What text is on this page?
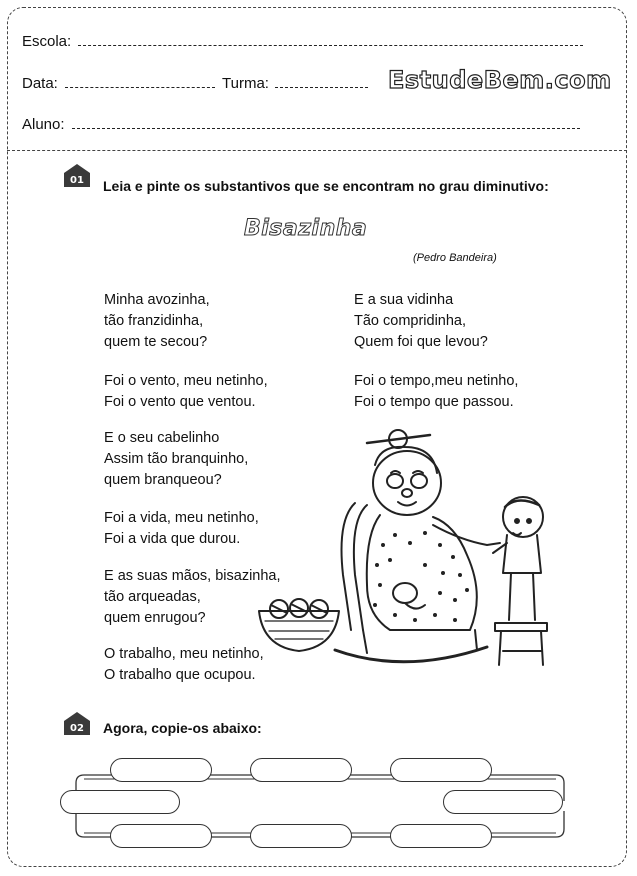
Escola:
Data:	Turma:	EstudeBem.com
Aluno:
01 Leia e pinte os substantivos que se encontram no grau diminutivo:
Bisazinha
(Pedro Bandeira)
Minha avozinha,
tão franzidinha,
quem te secou?
Foi o vento, meu netinho,
Foi o vento que ventou.
E o seu cabelinho
Assim tão branquinho,
quem branqueou?
Foi a vida, meu netinho,
Foi a vida que durou.
E as suas mãos, bisazinha,
tão arqueadas,
quem enrugou?
O trabalho, meu netinho,
O trabalho que ocupou.
E a sua vidinha
Tão compridinha,
Quem foi que levou?
Foi o tempo,meu netinho,
Foi o tempo que passou.
02 Agora, copie-os abaixo:
